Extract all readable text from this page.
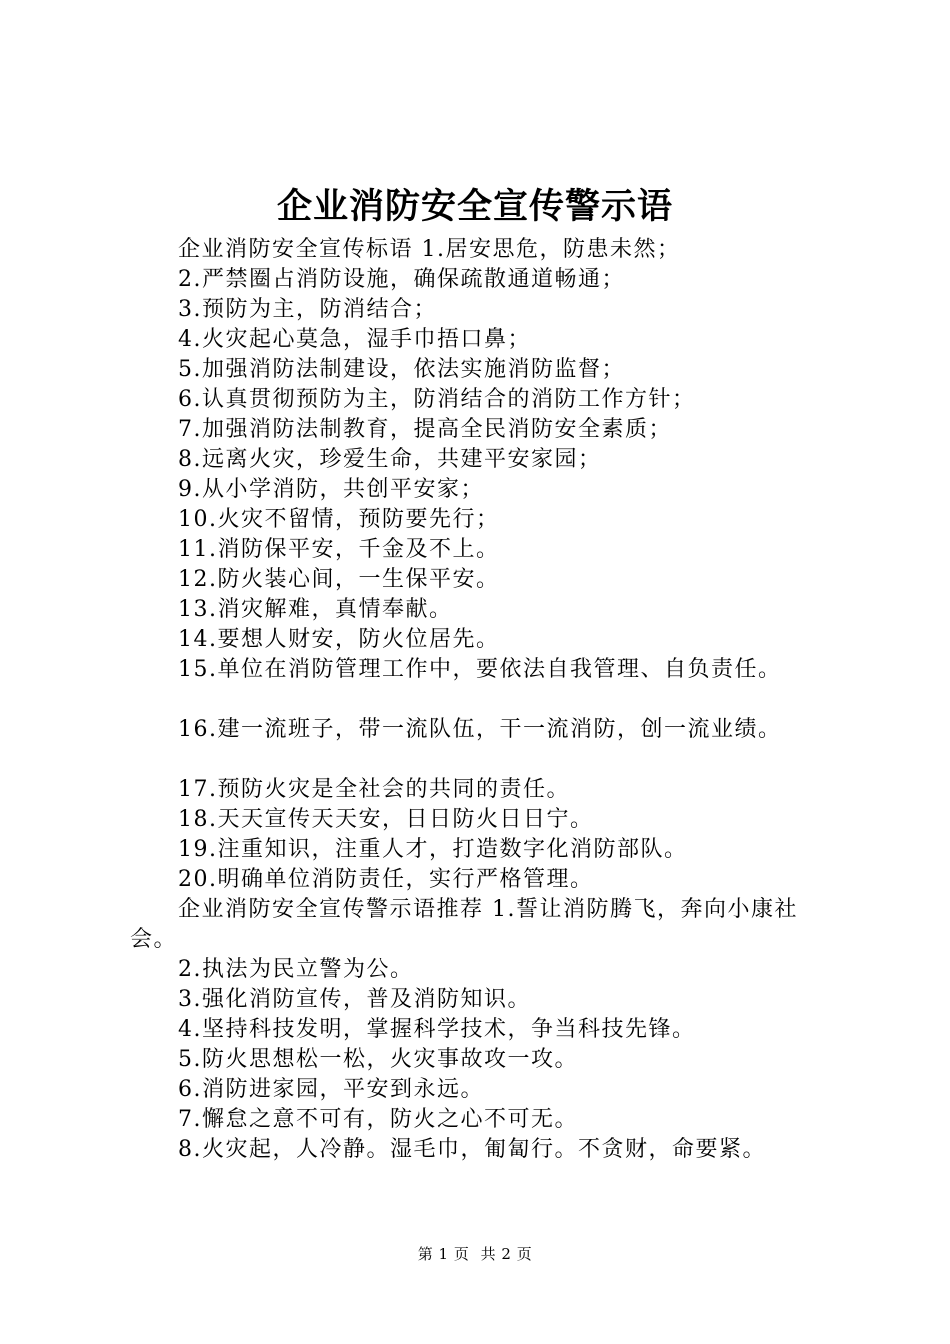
企业消防安全宣传警示语
企业消防安全宣传标语 1.居安思危，防患未然；
2.严禁圈占消防设施，确保疏散通道畅通；
3.预防为主，防消结合；
4.火灾起心莫急，湿手巾捂口鼻；
5.加强消防法制建设，依法实施消防监督；
6.认真贯彻预防为主，防消结合的消防工作方针；
7.加强消防法制教育，提高全民消防安全素质；
8.远离火灾，珍爱生命，共建平安家园；
9.从小学消防，共创平安家；
10.火灾不留情，预防要先行；
11.消防保平安，千金及不上。
12.防火装心间，一生保平安。
13.消灾解难，真情奉献。
14.要想人财安，防火位居先。
15.单位在消防管理工作中，要依法自我管理、自负责任。
16.建一流班子，带一流队伍，干一流消防，创一流业绩。
17.预防火灾是全社会的共同的责任。
18.天天宣传天天安，日日防火日日宁。
19.注重知识，注重人才，打造数字化消防部队。
20.明确单位消防责任，实行严格管理。
企业消防安全宣传警示语推荐 1.誓让消防腾飞，奔向小康社会。
2.执法为民立警为公。
3.强化消防宣传，普及消防知识。
4.坚持科技发明，掌握科学技术，争当科技先锋。
5.防火思想松一松，火灾事故攻一攻。
6.消防进家园，平安到永远。
7.懈怠之意不可有，防火之心不可无。
8.火灾起，人冷静。湿毛巾，匍匐行。不贪财，命要紧。
第 1 页 共 2 页
